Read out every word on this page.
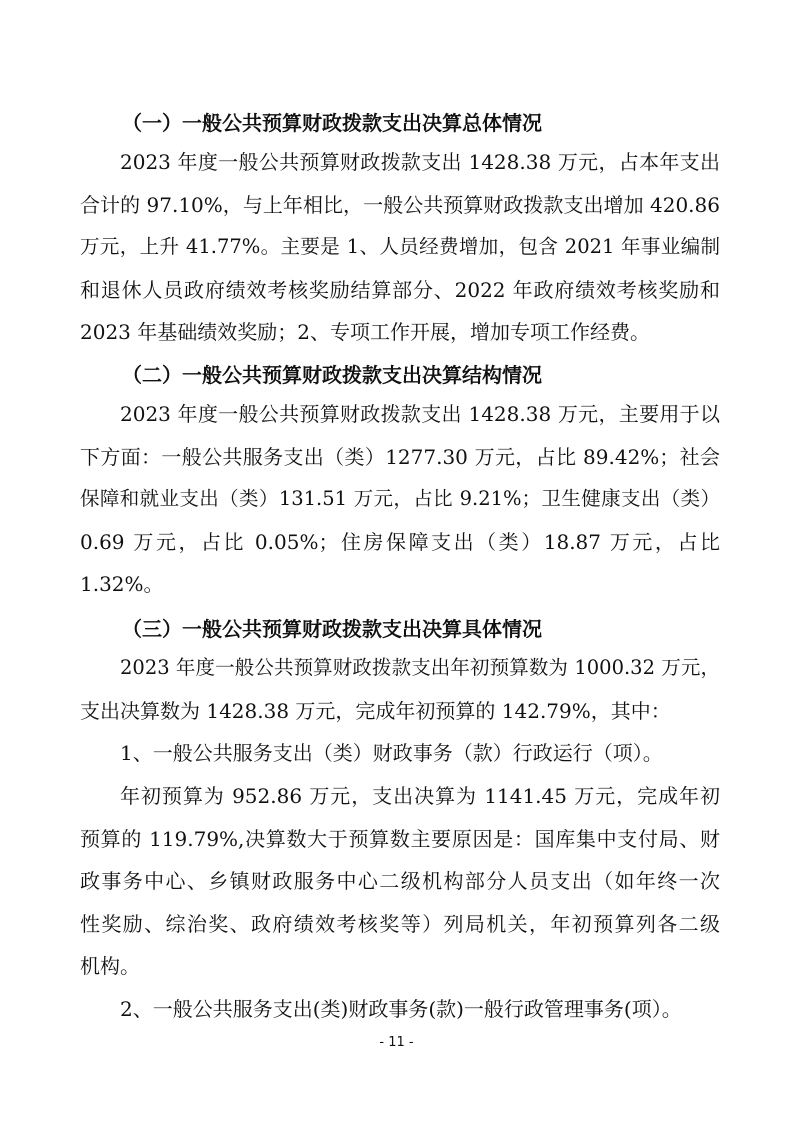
（一）一般公共预算财政拨款支出决算总体情况
2023 年度一般公共预算财政拨款支出 1428.38 万元，占本年支出
合计的 97.10%，与上年相比，一般公共预算财政拨款支出增加 420.86
万元，上升 41.77%。主要是 1、人员经费增加，包含 2021 年事业编制
和退休人员政府绩效考核奖励结算部分、2022 年政府绩效考核奖励和
2023 年基础绩效奖励；2、专项工作开展，增加专项工作经费。
（二）一般公共预算财政拨款支出决算结构情况
2023 年度一般公共预算财政拨款支出 1428.38 万元，主要用于以
下方面：一般公共服务支出（类）1277.30 万元，占比 89.42%；社会
保障和就业支出（类）131.51 万元，占比 9.21%；卫生健康支出（类）
0.69 万元，占比 0.05%；住房保障支出（类）18.87 万元，占比
1.32%。
（三）一般公共预算财政拨款支出决算具体情况
2023 年度一般公共预算财政拨款支出年初预算数为 1000.32 万元，
支出决算数为 1428.38 万元，完成年初预算的 142.79%，其中：
1、一般公共服务支出（类）财政事务（款）行政运行（项）。
年初预算为 952.86 万元，支出决算为 1141.45 万元，完成年初
预算的 119.79%,决算数大于预算数主要原因是：国库集中支付局、财
政事务中心、乡镇财政服务中心二级机构部分人员支出（如年终一次
性奖励、综治奖、政府绩效考核奖等）列局机关，年初预算列各二级
机构。
2、一般公共服务支出(类)财政事务(款)一般行政管理事务(项）。
- 11 -
